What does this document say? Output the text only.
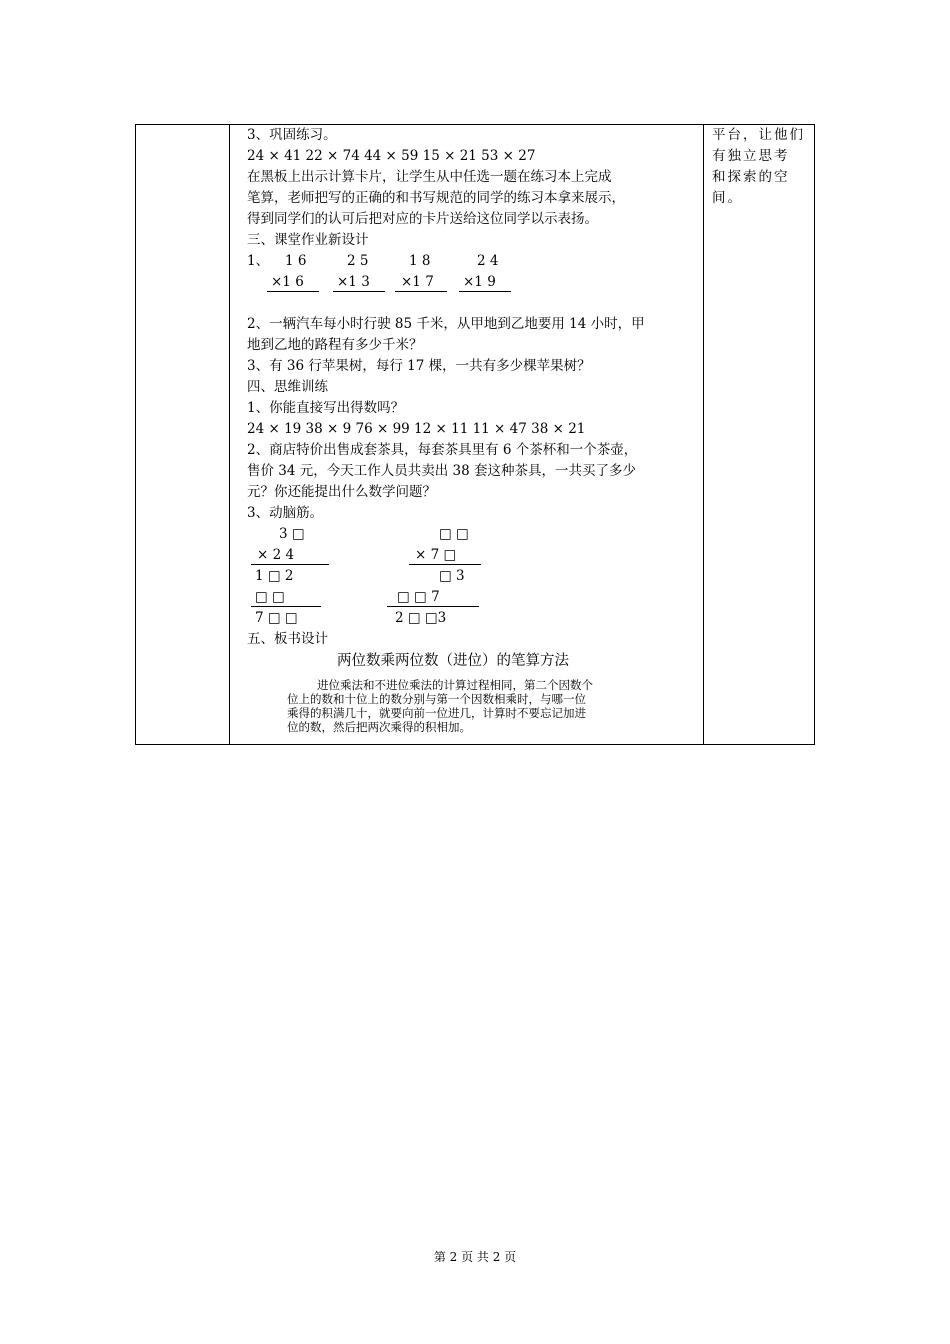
3、巩固练习。
24 × 41 22 × 74 44 × 59 15 × 21 53 × 27
在黑板上出示计算卡片，让学生从中任选一题在练习本上完成
笔算，老师把写的正确的和书写规范的同学的练习本拿来展示，
得到同学们的认可后把对应的卡片送给这位同学以示表扬。
三、课堂作业新设计
1、 1 6	2 5	1 8	2 4
×1 6 ×1 3 ×1 7 ×1 9
2、一辆汽车每小时行驶 85 千米，从甲地到乙地要用 14 小时，甲
地到乙地的路程有多少千米？
3、有 36 行苹果树，每行 17 棵，一共有多少棵苹果树？
四、思维训练
1、你能直接写出得数吗？
24 × 19 38 × 9 76 × 99 12 × 11 11 × 47 38 × 21
2、商店特价出售成套茶具，每套茶具里有 6 个茶杯和一个茶壶，
售价 34 元，今天工作人员共卖出 38 套这种茶具，一共买了多少
元？你还能提出什么数学问题？
3、动脑筋。
3 □
× 2 4
1 □ 2
□ □
7 □ □
□ □
× 7 □
□ 3
□ □ 7
2 □ □3
五、板书设计
两位数乘两位数（进位）的笔算方法
进位乘法和不进位乘法的计算过程相同，第二个因数个
位上的数和十位上的数分别与第一个因数相乘时，与哪一位
乘得的积满几十，就要向前一位进几，计算时不要忘记加进
位的数，然后把两次乘得的积相加。
平台，让他们
有独立思考
和探索的空
间。
第 2 页 共 2 页
